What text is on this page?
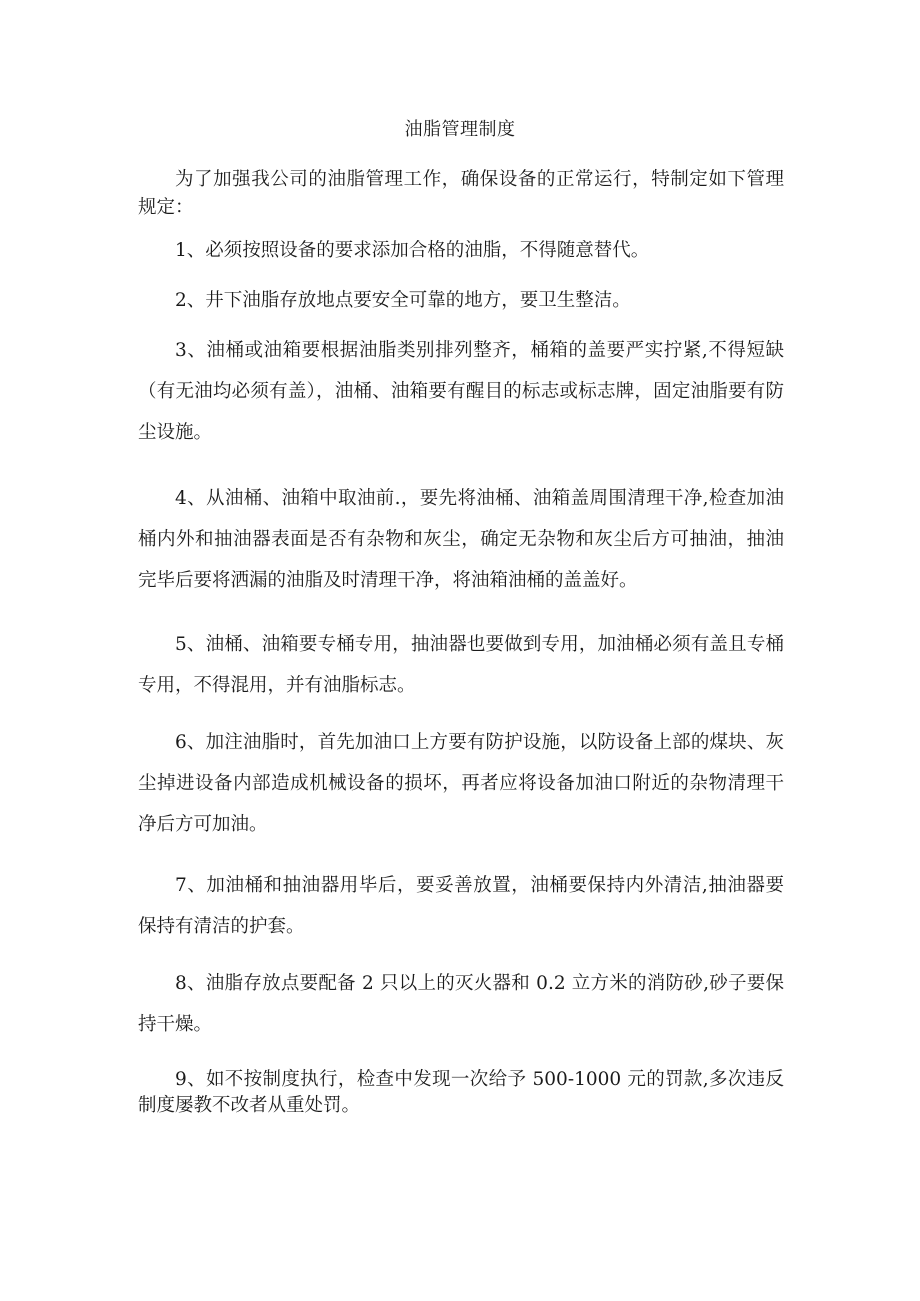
油脂管理制度

为了加强我公司的油脂管理工作，确保设备的正常运行，特制定如下管理规定：

1、必须按照设备的要求添加合格的油脂，不得随意替代。

2、井下油脂存放地点要安全可靠的地方，要卫生整洁。

3、油桶或油箱要根据油脂类别排列整齐，桶箱的盖要严实拧紧,不得短缺（有无油均必须有盖），油桶、油箱要有醒目的标志或标志牌，固定油脂要有防尘设施。

4、从油桶、油箱中取油前.，要先将油桶、油箱盖周围清理干净,检查加油桶内外和抽油器表面是否有杂物和灰尘，确定无杂物和灰尘后方可抽油，抽油完毕后要将洒漏的油脂及时清理干净，将油箱油桶的盖盖好。

5、油桶、油箱要专桶专用，抽油器也要做到专用，加油桶必须有盖且专桶专用，不得混用，并有油脂标志。

6、加注油脂时，首先加油口上方要有防护设施，以防设备上部的煤块、灰尘掉进设备内部造成机械设备的损坏，再者应将设备加油口附近的杂物清理干净后方可加油。

7、加油桶和抽油器用毕后，要妥善放置，油桶要保持内外清洁,抽油器要保持有清洁的护套。

8、油脂存放点要配备 2 只以上的灭火器和 0.2 立方米的消防砂,砂子要保持干燥。

9、如不按制度执行，检查中发现一次给予 500-1000 元的罚款,多次违反制度屡教不改者从重处罚。
